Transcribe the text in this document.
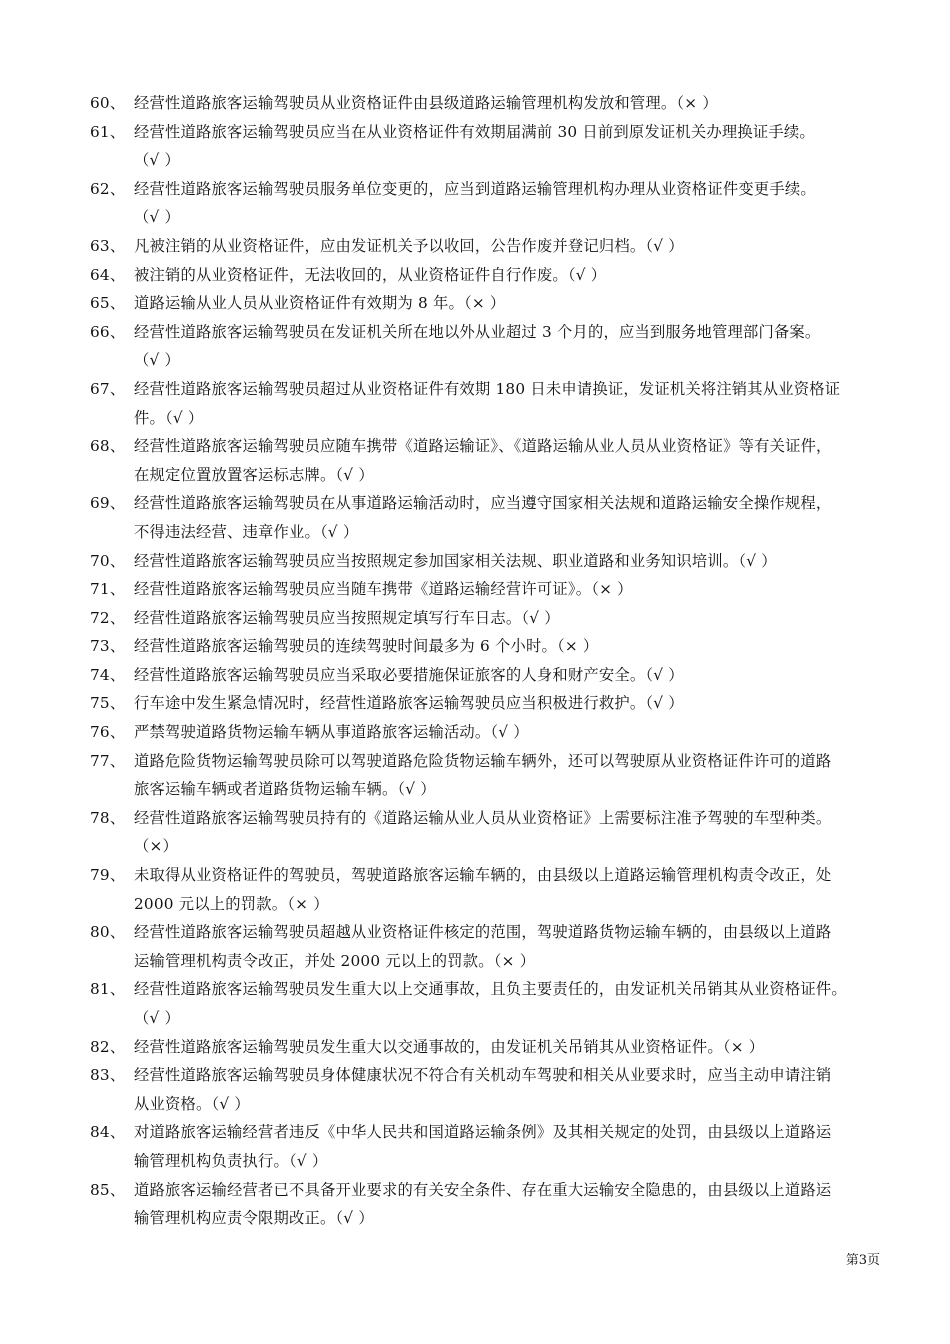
60、 经营性道路旅客运输驾驶员从业资格证件由县级道路运输管理机构发放和管理。（× ）
61、 经营性道路旅客运输驾驶员应当在从业资格证件有效期届满前 30 日前到原发证机关办理换证手续。
（√ ）
62、 经营性道路旅客运输驾驶员服务单位变更的，应当到道路运输管理机构办理从业资格证件变更手续。
（√ ）
63、 凡被注销的从业资格证件，应由发证机关予以收回，公告作废并登记归档。（√ ）
64、 被注销的从业资格证件，无法收回的，从业资格证件自行作废。（√ ）
65、 道路运输从业人员从业资格证件有效期为 8 年。（× ）
66、 经营性道路旅客运输驾驶员在发证机关所在地以外从业超过 3 个月的，应当到服务地管理部门备案。
（√ ）
67、 经营性道路旅客运输驾驶员超过从业资格证件有效期 180 日未申请换证，发证机关将注销其从业资格证
件。（√ ）
68、 经营性道路旅客运输驾驶员应随车携带《道路运输证》、《道路运输从业人员从业资格证》等有关证件，
在规定位置放置客运标志牌。（√ ）
69、 经营性道路旅客运输驾驶员在从事道路运输活动时，应当遵守国家相关法规和道路运输安全操作规程，
不得违法经营、违章作业。（√ ）
70、 经营性道路旅客运输驾驶员应当按照规定参加国家相关法规、职业道路和业务知识培训。（√ ）
71、 经营性道路旅客运输驾驶员应当随车携带《道路运输经营许可证》。（× ）
72、 经营性道路旅客运输驾驶员应当按照规定填写行车日志。（√ ）
73、 经营性道路旅客运输驾驶员的连续驾驶时间最多为 6 个小时。（× ）
74、 经营性道路旅客运输驾驶员应当采取必要措施保证旅客的人身和财产安全。（√ ）
75、 行车途中发生紧急情况时，经营性道路旅客运输驾驶员应当积极进行救护。（√ ）
76、 严禁驾驶道路货物运输车辆从事道路旅客运输活动。（√ ）
77、 道路危险货物运输驾驶员除可以驾驶道路危险货物运输车辆外，还可以驾驶原从业资格证件许可的道路
旅客运输车辆或者道路货物运输车辆。（√ ）
78、 经营性道路旅客运输驾驶员持有的《道路运输从业人员从业资格证》上需要标注准予驾驶的车型种类。
（×）
79、 未取得从业资格证件的驾驶员，驾驶道路旅客运输车辆的，由县级以上道路运输管理机构责令改正，处
2000 元以上的罚款。（× ）
80、 经营性道路旅客运输驾驶员超越从业资格证件核定的范围，驾驶道路货物运输车辆的，由县级以上道路
运输管理机构责令改正，并处 2000 元以上的罚款。（× ）
81、 经营性道路旅客运输驾驶员发生重大以上交通事故，且负主要责任的，由发证机关吊销其从业资格证件。
（√ ）
82、 经营性道路旅客运输驾驶员发生重大以交通事故的，由发证机关吊销其从业资格证件。（× ）
83、 经营性道路旅客运输驾驶员身体健康状况不符合有关机动车驾驶和相关从业要求时，应当主动申请注销
从业资格。（√ ）
84、 对道路旅客运输经营者违反《中华人民共和国道路运输条例》及其相关规定的处罚，由县级以上道路运
输管理机构负责执行。（√ ）
85、 道路旅客运输经营者已不具备开业要求的有关安全条件、存在重大运输安全隐患的，由县级以上道路运
输管理机构应责令限期改正。（√ ）
第3页
